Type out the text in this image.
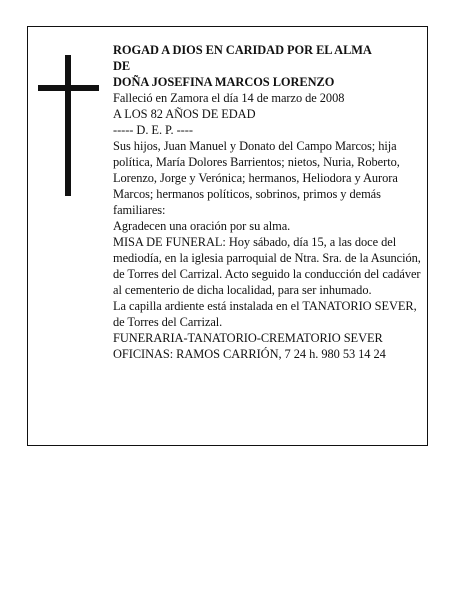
ROGAD A DIOS EN CARIDAD POR EL ALMA

DE

DOÑA JOSEFINA MARCOS LORENZO

Falleció en Zamora el día 14 de marzo de 2008

A LOS 82 AÑOS DE EDAD

----- D. E. P. ----

Sus hijos, Juan Manuel y Donato del Campo Marcos; hija política, María Dolores Barrientos; nietos, Nuria, Roberto, Lorenzo, Jorge y Verónica; hermanos, Heliodora y Aurora Marcos; hermanos políticos, sobrinos, primos y demás familiares:

Agradecen una oración por su alma.

MISA DE FUNERAL: Hoy sábado, día 15, a las doce del mediodía, en la iglesia parroquial de Ntra. Sra. de la Asunción, de Torres del Carrizal. Acto seguido la conducción del cadáver al cementerio de dicha localidad, para ser inhumado.

La capilla ardiente está instalada en el TANATORIO SEVER, de Torres del Carrizal.

FUNERARIA-TANATORIO-CREMATORIO SEVER

OFICINAS: RAMOS CARRIÓN, 7 24 h. 980 53 14 24
